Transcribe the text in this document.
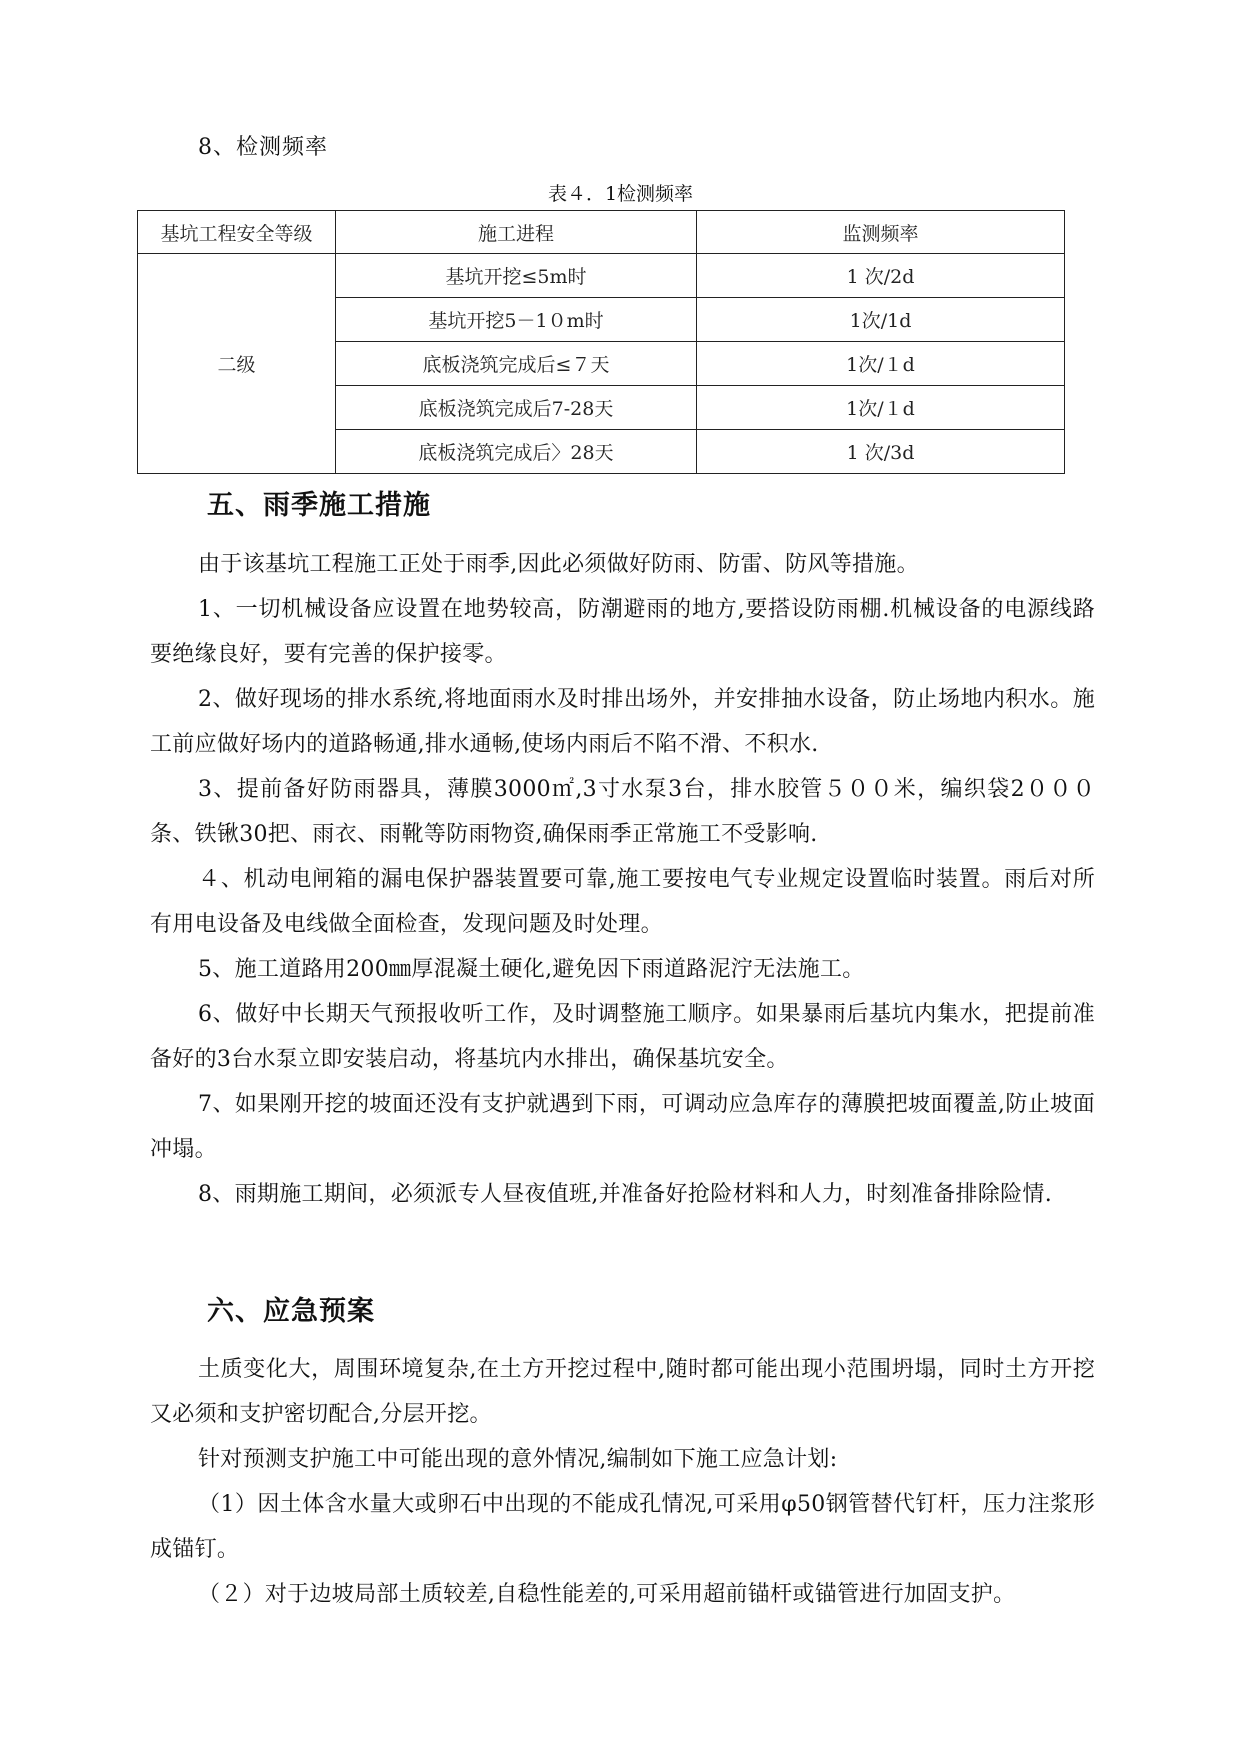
8、检测频率
表４．1检测频率
基坑工程安全等级	施工进程	监测频率
二级	基坑开挖≤5m时	1 次/2d
	基坑开挖5－1０m时	1次/1d
	底板浇筑完成后≤７天	1次/１d
	底板浇筑完成后7-28天	1次/１d
	底板浇筑完成后〉28天	1 次/3d
五、雨季施工措施

由于该基坑工程施工正处于雨季,因此必须做好防雨、防雷、防风等措施。

1、一切机械设备应设置在地势较高，防潮避雨的地方,要搭设防雨棚.机械设备的电源线路要绝缘良好，要有完善的保护接零。

2、做好现场的排水系统,将地面雨水及时排出场外，并安排抽水设备，防止场地内积水。施工前应做好场内的道路畅通,排水通畅,使场内雨后不陷不滑、不积水.

3、提前备好防雨器具，薄膜3000㎡,3寸水泵3台，排水胶管５００米，编织袋2０００条、铁锹30把、雨衣、雨靴等防雨物资,确保雨季正常施工不受影响.

４、机动电闸箱的漏电保护器装置要可靠,施工要按电气专业规定设置临时装置。雨后对所有用电设备及电线做全面检查，发现问题及时处理。

5、施工道路用200㎜厚混凝土硬化,避免因下雨道路泥泞无法施工。

6、做好中长期天气预报收听工作，及时调整施工顺序。如果暴雨后基坑内集水，把提前准备好的3台水泵立即安装启动，将基坑内水排出，确保基坑安全。

7、如果刚开挖的坡面还没有支护就遇到下雨，可调动应急库存的薄膜把坡面覆盖,防止坡面冲塌。

8、雨期施工期间，必须派专人昼夜值班,并准备好抢险材料和人力，时刻准备排除险情.

六、应急预案

土质变化大，周围环境复杂,在土方开挖过程中,随时都可能出现小范围坍塌，同时土方开挖又必须和支护密切配合,分层开挖。

针对预测支护施工中可能出现的意外情况,编制如下施工应急计划:

（1）因土体含水量大或卵石中出现的不能成孔情况,可采用φ50钢管替代钉杆，压力注浆形成锚钉。

（２）对于边坡局部土质较差,自稳性能差的,可采用超前锚杆或锚管进行加固支护。
